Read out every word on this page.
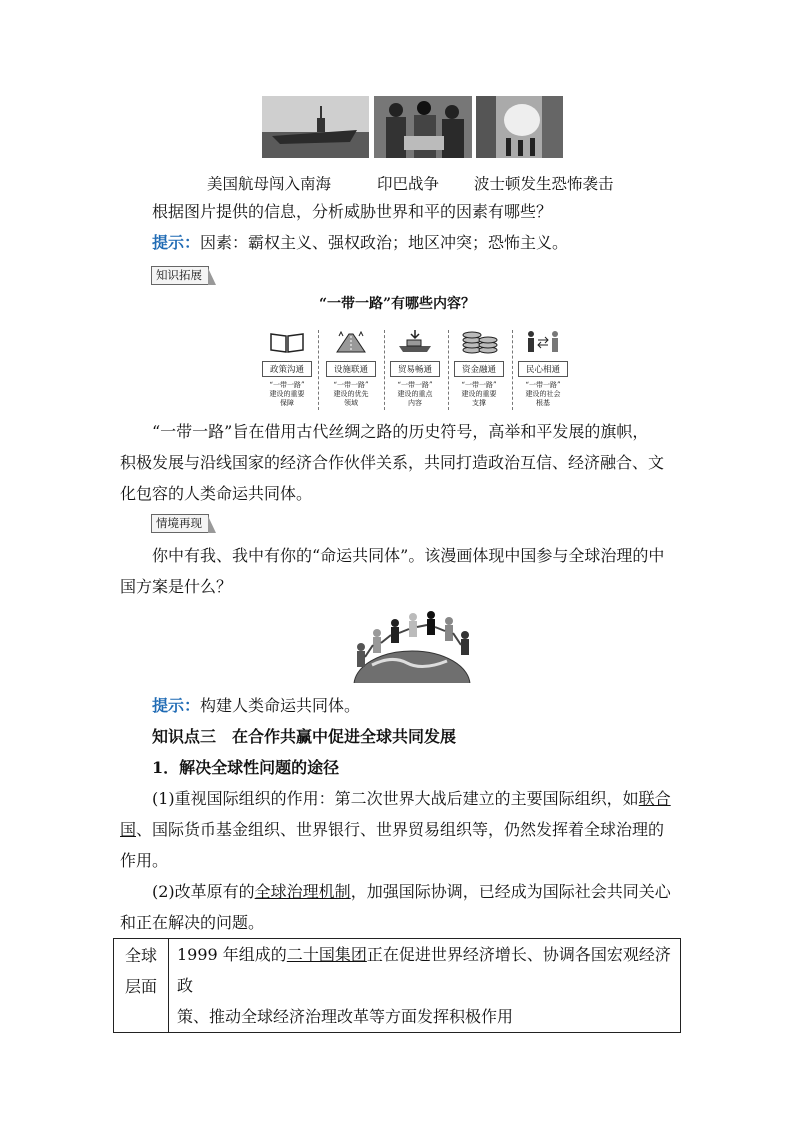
美国航母闯入南海	印巴战争 波士顿发生恐怖袭击
根据图片提供的信息，分析威胁世界和平的因素有哪些？
提示：因素：霸权主义、强权政治；地区冲突；恐怖主义。
知识拓展
“一带一路”有哪些内容？
政策沟通
“一带一路”
建设的重要
保障
设施联通
“一带一路”
建设的优先
领域
贸易畅通
“一带一路”
建设的重点
内容
资金融通
“一带一路”
建设的重要
支撑
民心相通
“一带一路”
建设的社会
根基
“一带一路”旨在借用古代丝绸之路的历史符号，高举和平发展的旗帜，
积极发展与沿线国家的经济合作伙伴关系，共同打造政治互信、经济融合、文
化包容的人类命运共同体。
情境再现
你中有我、我中有你的“命运共同体”。该漫画体现中国参与全球治理的中
国方案是什么？
提示：构建人类命运共同体。
知识点三　在合作共赢中促进全球共同发展
1．解决全球性问题的途径
(1)重视国际组织的作用：第二次世界大战后建立的主要国际组织，如联合
国、国际货币基金组织、世界银行、世界贸易组织等，仍然发挥着全球治理的
作用。
(2)改革原有的全球治理机制，加强国际协调，已经成为国际社会共同关心
和正在解决的问题。
全球
层面

1999 年组成的二十国集团正在促进世界经济增长、协调各国宏观经济政
策、推动全球经济治理改革等方面发挥积极作用
